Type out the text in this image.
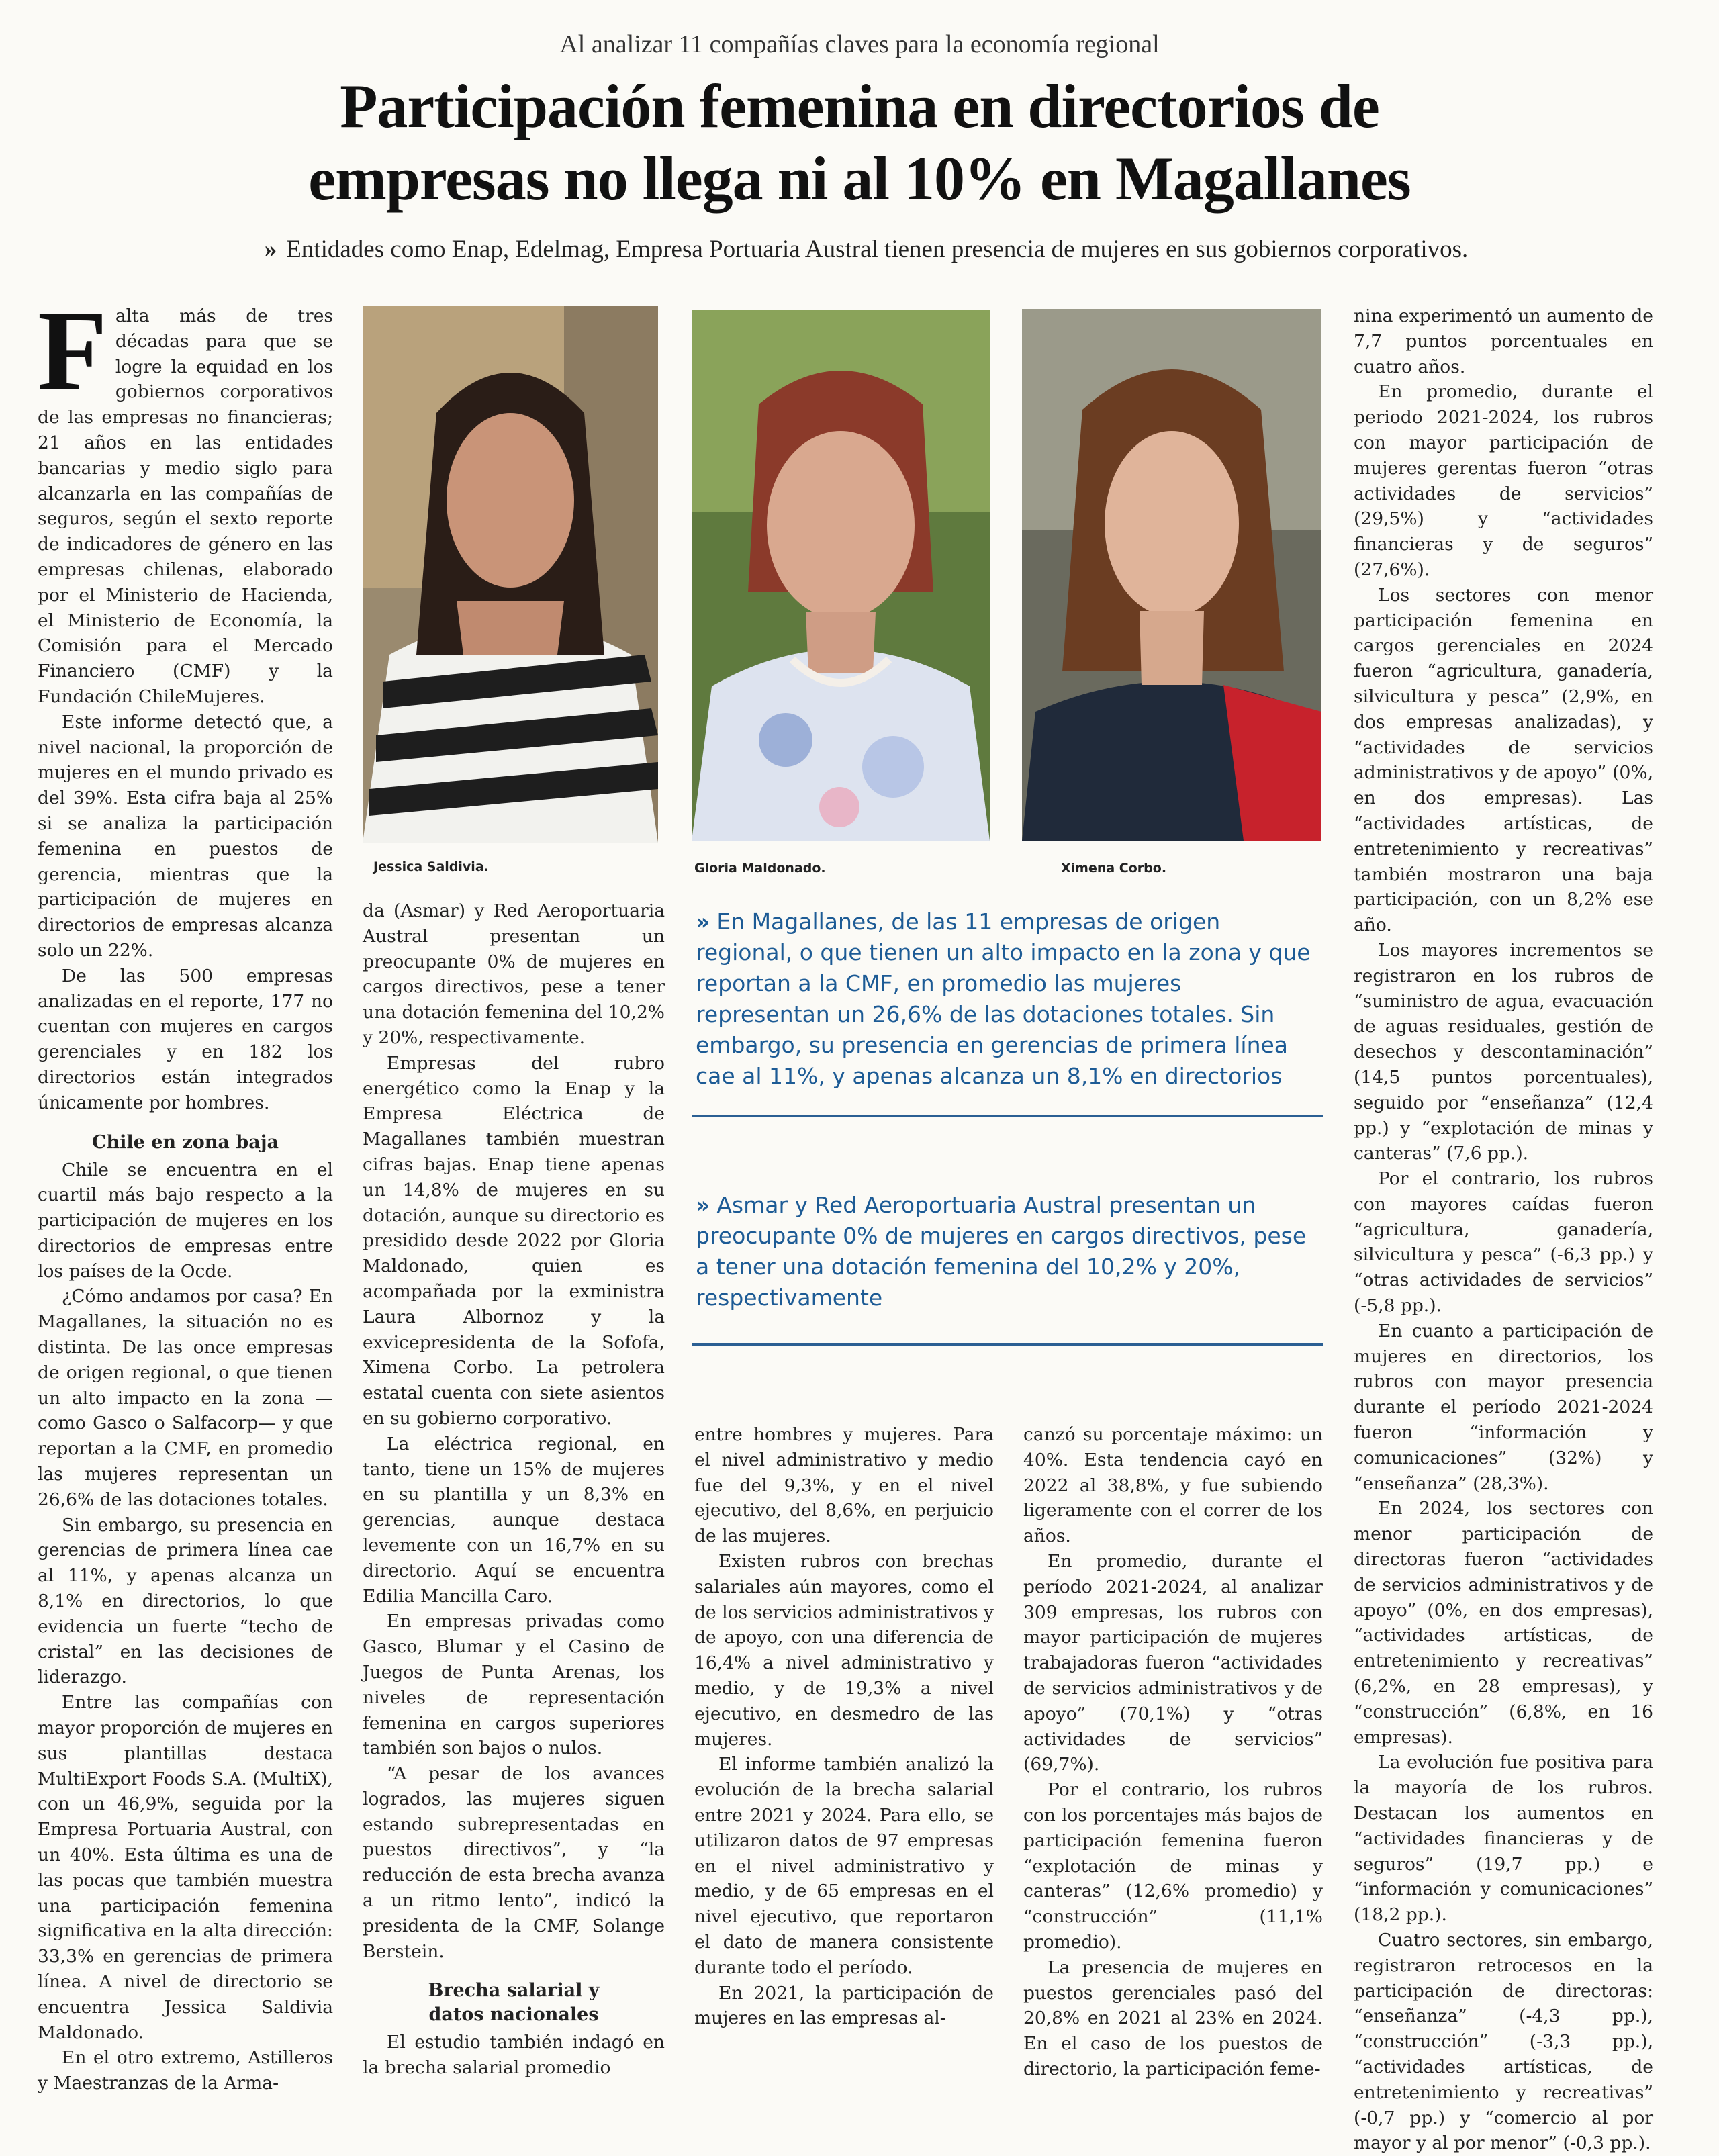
Al analizar 11 compañías claves para la economía regional
Participación femenina en directorios de
empresas no llega ni al 10% en Magallanes
» Entidades como Enap, Edelmag, Empresa Portuaria Austral tienen presencia de mujeres en sus gobiernos corporativos.
F alta más de tres décadas para que se logre la equidad en los gobiernos corporativos de las empresas no financieras; 21 años en las entidades bancarias y medio siglo para alcanzarla en las compañías de seguros, según el sexto reporte de indicadores de género en las empresas chilenas, elaborado por el Ministerio de Hacienda, el Ministerio de Economía, la Comisión para el Mercado Financiero (CMF) y la Fundación ChileMujeres.

Este informe detectó que, a nivel nacional, la proporción de mujeres en el mundo privado es del 39%. Esta cifra baja al 25% si se analiza la participación femenina en puestos de gerencia, mientras que la participación de mujeres en directorios de empresas alcanza solo un 22%.

De las 500 empresas analizadas en el reporte, 177 no cuentan con mujeres en cargos gerenciales y en 182 los directorios están integrados únicamente por hombres.

Chile en zona baja

Chile se encuentra en el cuartil más bajo respecto a la participación de mujeres en los directorios de empresas entre los países de la Ocde.

¿Cómo andamos por casa? En Magallanes, la situación no es distinta. De las once empresas de origen regional, o que tienen un alto impacto en la zona —como Gasco o Salfacorp— y que reportan a la CMF, en promedio las mujeres representan un 26,6% de las dotaciones totales.

Sin embargo, su presencia en gerencias de primera línea cae al 11%, y apenas alcanza un 8,1% en directorios, lo que evidencia un fuerte “techo de cristal” en las decisiones de liderazgo.

Entre las compañías con mayor proporción de mujeres en sus plantillas destaca MultiExport Foods S.A. (MultiX), con un 46,9%, seguida por la Empresa Portuaria Austral, con un 40%. Esta última es una de las pocas que también muestra una participación femenina significativa en la alta dirección: 33,3% en gerencias de primera línea. A nivel de directorio se encuentra Jessica Saldivia Maldonado.

En el otro extremo, Astilleros y Maestranzas de la Arma-

Jessica Saldivia.	Gloria Maldonado.	Ximena Corbo.

da (Asmar) y Red Aeroportuaria Austral presentan un preocupante 0% de mujeres en cargos directivos, pese a tener una dotación femenina del 10,2% y 20%, respectivamente.

Empresas del rubro energético como la Enap y la Empresa Eléctrica de Magallanes también muestran cifras bajas. Enap tiene apenas un 14,8% de mujeres en su dotación, aunque su directorio es presidido desde 2022 por Gloria Maldonado, quien es acompañada por la exministra Laura Albornoz y la exvicepresidenta de la Sofofa, Ximena Corbo. La petrolera estatal cuenta con siete asientos en su gobierno corporativo.

La eléctrica regional, en tanto, tiene un 15% de mujeres en su plantilla y un 8,3% en gerencias, aunque destaca levemente con un 16,7% en su directorio. Aquí se encuentra Edilia Mancilla Caro.

En empresas privadas como Gasco, Blumar y el Casino de Juegos de Punta Arenas, los niveles de representación femenina en cargos superiores también son bajos o nulos.

“A pesar de los avances logrados, las mujeres siguen estando subrepresentadas en puestos directivos”, y “la reducción de esta brecha avanza a un ritmo lento”, indicó la presidenta de la CMF, Solange Berstein.

Brecha salarial y
datos nacionales

El estudio también indagó en la brecha salarial promedio

» En Magallanes, de las 11 empresas de origen regional, o que tienen un alto impacto en la zona y que reportan a la CMF, en promedio las mujeres representan un 26,6% de las dotaciones totales. Sin embargo, su presencia en gerencias de primera línea cae al 11%, y apenas alcanza un 8,1% en directorios
» Asmar y Red Aeroportuaria Austral presentan un preocupante 0% de mujeres en cargos directivos, pese a tener una dotación femenina del 10,2% y 20%, respectivamente

entre hombres y mujeres. Para el nivel administrativo y medio fue del 9,3%, y en el nivel ejecutivo, del 8,6%, en perjuicio de las mujeres.

Existen rubros con brechas salariales aún mayores, como el de los servicios administrativos y de apoyo, con una diferencia de 16,4% a nivel administrativo y medio, y de 19,3% a nivel ejecutivo, en desmedro de las mujeres.

El informe también analizó la evolución de la brecha salarial entre 2021 y 2024. Para ello, se utilizaron datos de 97 empresas en el nivel administrativo y medio, y de 65 empresas en el nivel ejecutivo, que reportaron el dato de manera consistente durante todo el período.

En 2021, la participación de mujeres en las empresas al-

canzó su porcentaje máximo: un 40%. Esta tendencia cayó en 2022 al 38,8%, y fue subiendo ligeramente con el correr de los años.

En promedio, durante el período 2021-2024, al analizar 309 empresas, los rubros con mayor participación de mujeres trabajadoras fueron “actividades de servicios administrativos y de apoyo” (70,1%) y “otras actividades de servicios” (69,7%).

Por el contrario, los rubros con los porcentajes más bajos de participación femenina fueron “explotación de minas y canteras” (12,6% promedio) y “construcción” (11,1% promedio).

La presencia de mujeres en puestos gerenciales pasó del 20,8% en 2021 al 23% en 2024. En el caso de los puestos de directorio, la participación feme-

nina experimentó un aumento de 7,7 puntos porcentuales en cuatro años.

En promedio, durante el periodo 2021-2024, los rubros con mayor participación de mujeres gerentas fueron “otras actividades de servicios” (29,5%) y “actividades financieras y de seguros” (27,6%).

Los sectores con menor participación femenina en cargos gerenciales en 2024 fueron “agricultura, ganadería, silvicultura y pesca” (2,9%, en dos empresas analizadas), y “actividades de servicios administrativos y de apoyo” (0%, en dos empresas). Las “actividades artísticas, de entretenimiento y recreativas” también mostraron una baja participación, con un 8,2% ese año.

Los mayores incrementos se registraron en los rubros de “suministro de agua, evacuación de aguas residuales, gestión de desechos y descontaminación” (14,5 puntos porcentuales), seguido por “enseñanza” (12,4 pp.) y “explotación de minas y canteras” (7,6 pp.).

Por el contrario, los rubros con mayores caídas fueron “agricultura, ganadería, silvicultura y pesca” (-6,3 pp.) y “otras actividades de servicios” (-5,8 pp.).

En cuanto a participación de mujeres en directorios, los rubros con mayor presencia durante el período 2021-2024 fueron “información y comunicaciones” (32%) y “enseñanza” (28,3%).

En 2024, los sectores con menor participación de directoras fueron “actividades de servicios administrativos y de apoyo” (0%, en dos empresas), “actividades artísticas, de entretenimiento y recreativas” (6,2%, en 28 empresas), y “construcción” (6,8%, en 16 empresas).

La evolución fue positiva para la mayoría de los rubros. Destacan los aumentos en “actividades financieras y de seguros” (19,7 pp.) e “información y comunicaciones” (18,2 pp.).

Cuatro sectores, sin embargo, registraron retrocesos en la participación de directoras: “enseñanza” (-4,3 pp.), “construcción” (-3,3 pp.), “actividades artísticas, de entretenimiento y recreativas” (-0,7 pp.) y “comercio al por mayor y al por menor” (-0,3 pp.).
